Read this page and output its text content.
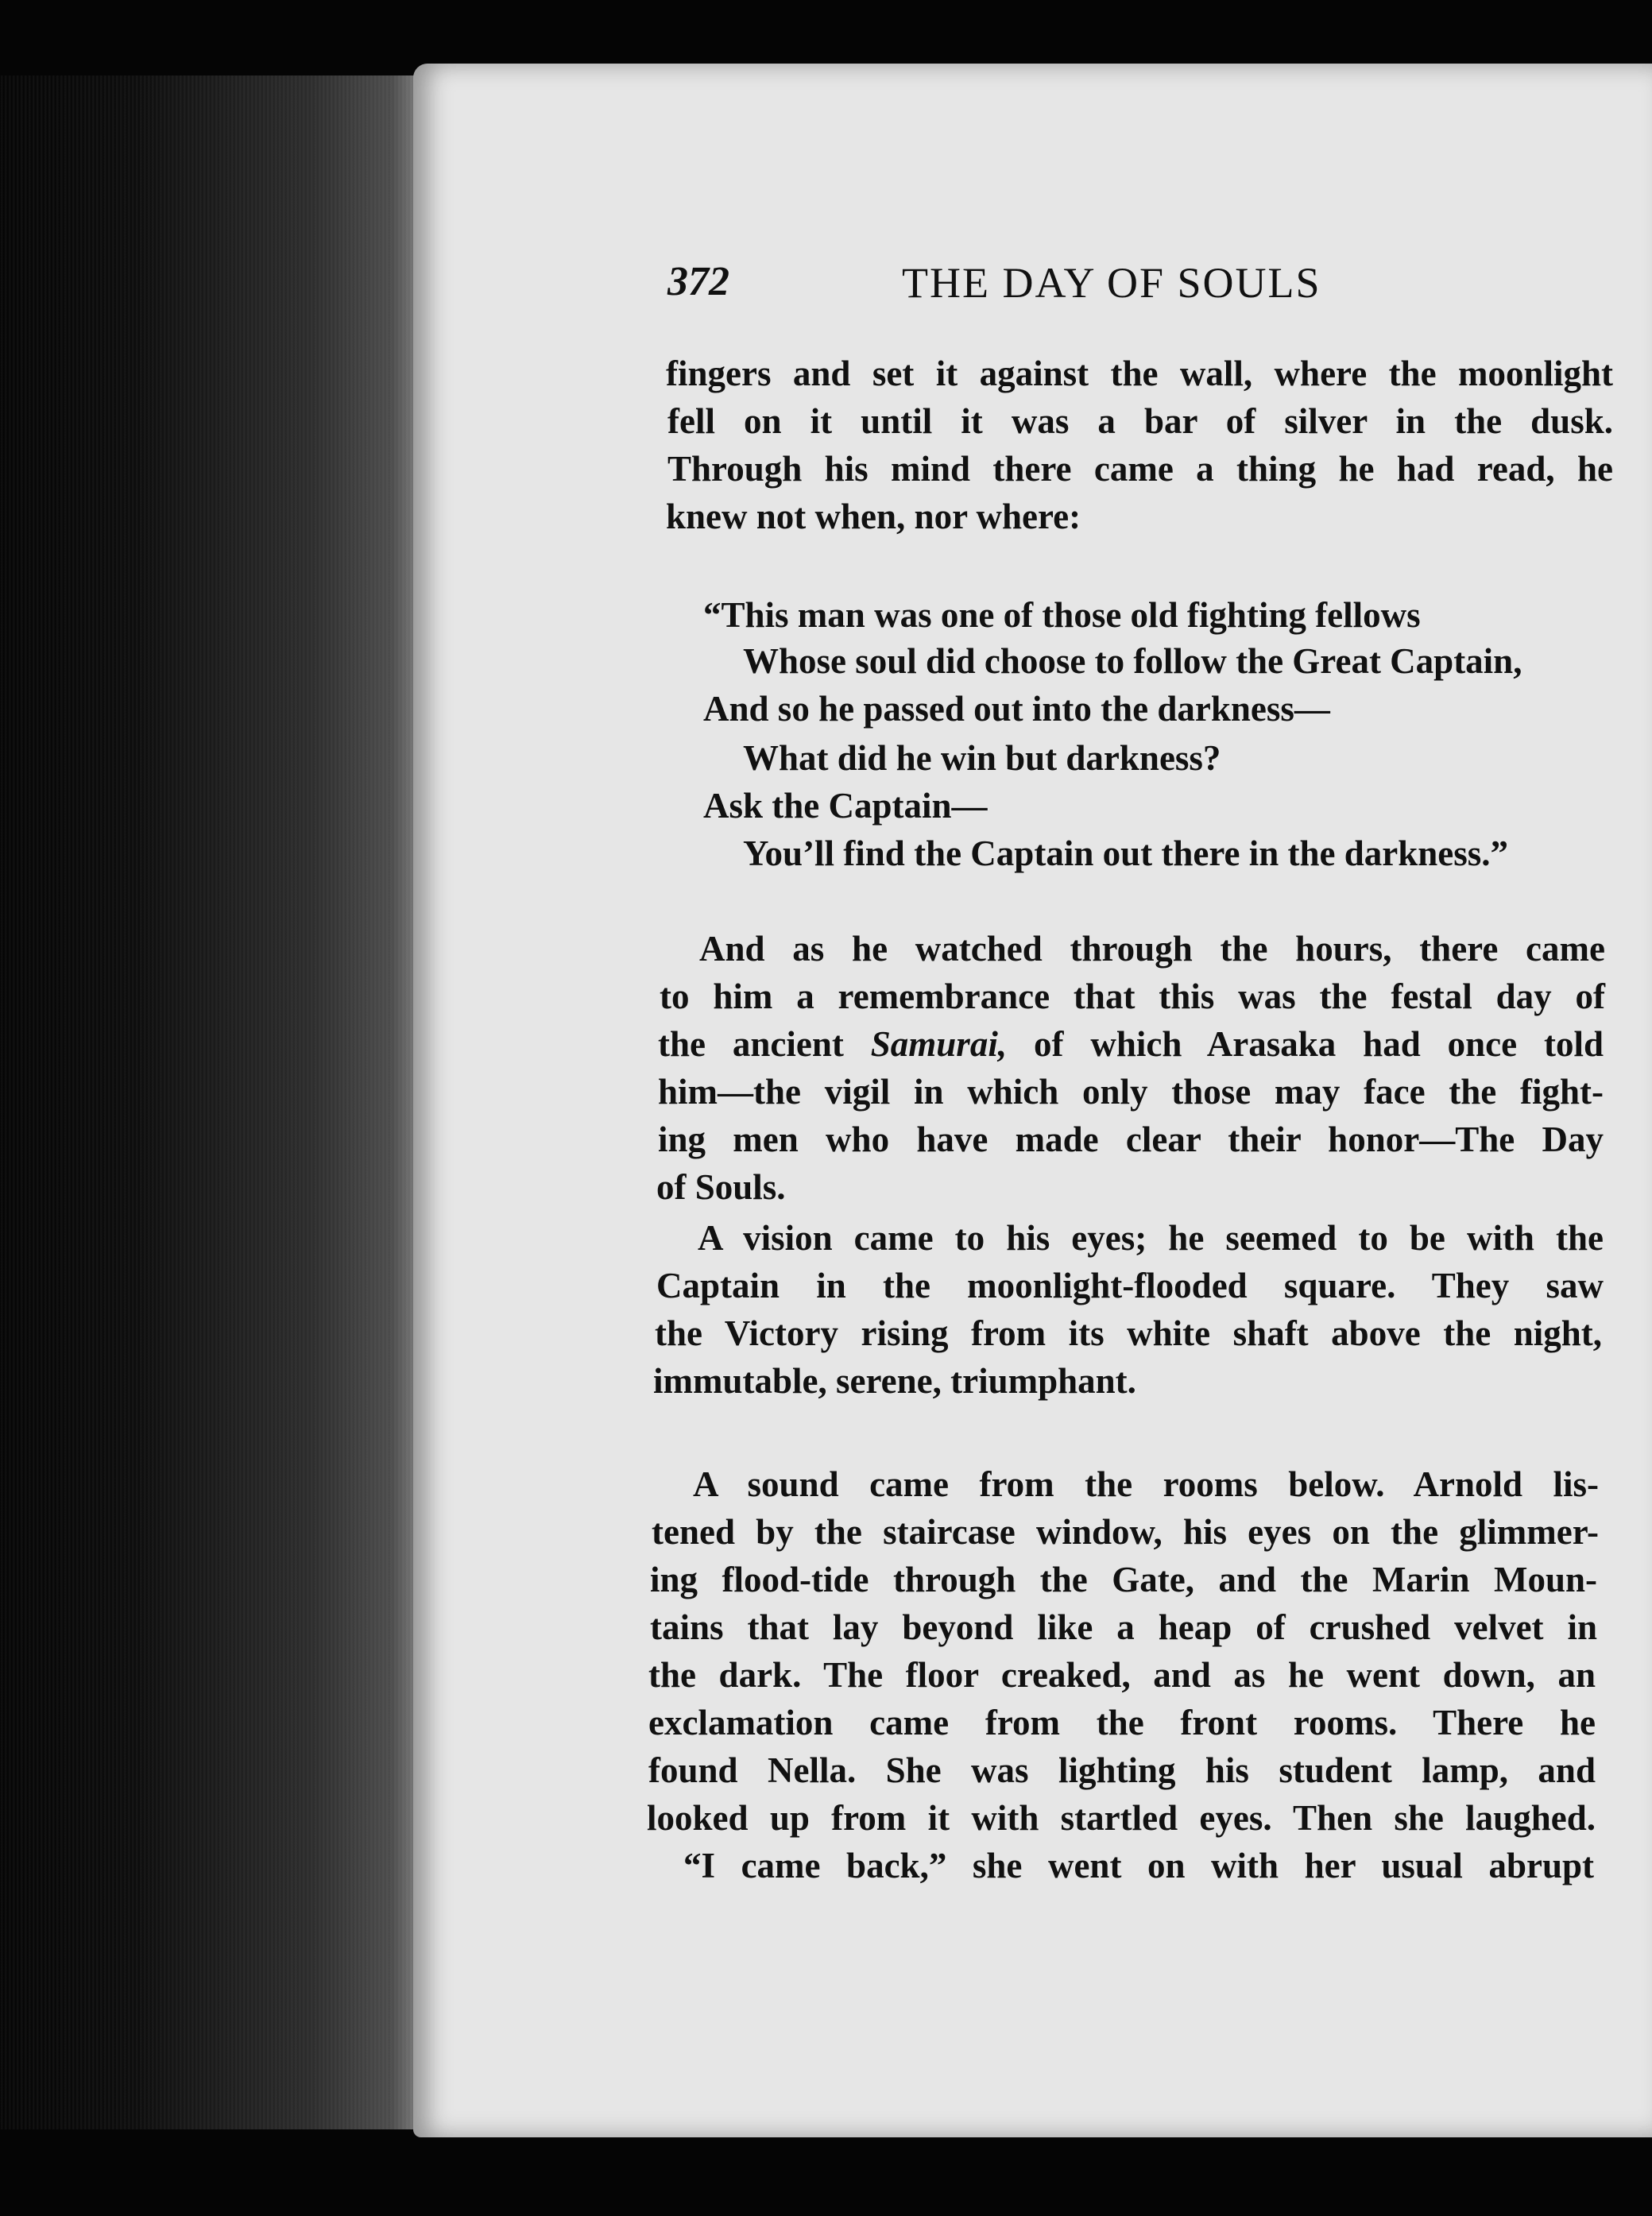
372	THE DAY OF SOULS
fingers and set it against the wall, where the moonlight
fell on it until it was a bar of silver in the dusk.
Through his mind there came a thing he had read, he
knew not when, nor where:
“This man was one of those old fighting fellows
Whose soul did choose to follow the Great Captain,
And so he passed out into the darkness—
What did he win but darkness?
Ask the Captain—
You’ll find the Captain out there in the darkness.”
And as he watched through the hours, there came
to him a remembrance that this was the festal day of
the ancient Samurai, of which Arasaka had once told
him—the vigil in which only those may face the fight-
ing men who have made clear their honor—The Day
of Souls.
A vision came to his eyes; he seemed to be with the
Captain in the moonlight-flooded square. They saw
the Victory rising from its white shaft above the night,
immutable, serene, triumphant.
A sound came from the rooms below. Arnold lis-
tened by the staircase window, his eyes on the glimmer-
ing flood-tide through the Gate, and the Marin Moun-
tains that lay beyond like a heap of crushed velvet in
the dark. The floor creaked, and as he went down, an
exclamation came from the front rooms. There he
found Nella. She was lighting his student lamp, and
looked up from it with startled eyes. Then she laughed.
“I came back,” she went on with her usual abrupt
